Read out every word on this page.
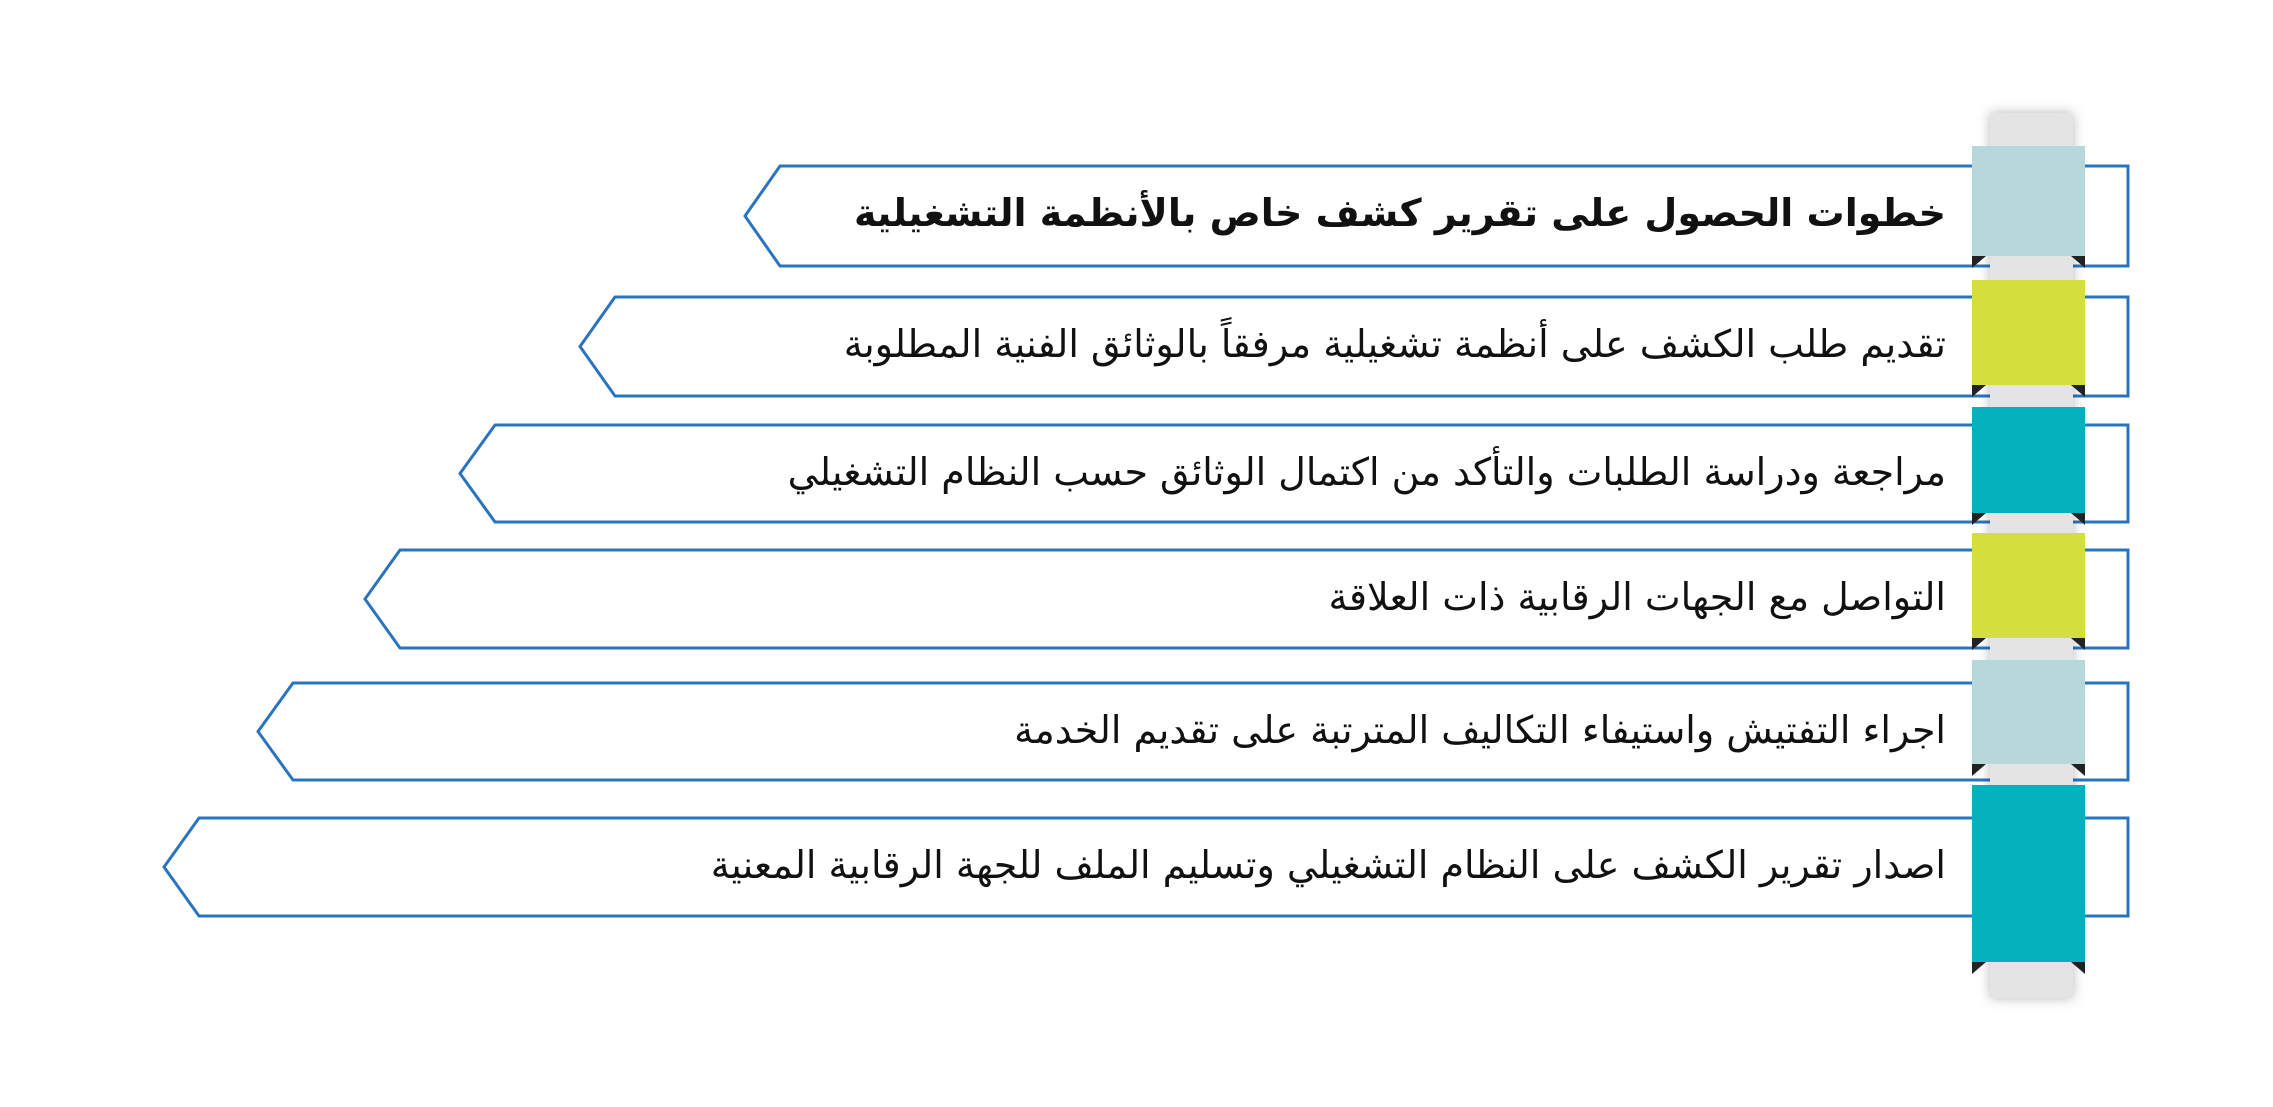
خطوات الحصول على تقرير كشف خاص بالأنظمة التشغيلية
تقديم طلب الكشف على أنظمة تشغيلية مرفقاً بالوثائق الفنية المطلوبة
مراجعة ودراسة الطلبات والتأكد من اكتمال الوثائق حسب النظام التشغيلي
التواصل مع الجهات الرقابية ذات العلاقة
اجراء التفتيش واستيفاء التكاليف المترتبة على تقديم الخدمة
اصدار تقرير الكشف على النظام التشغيلي وتسليم الملف للجهة الرقابية المعنية
